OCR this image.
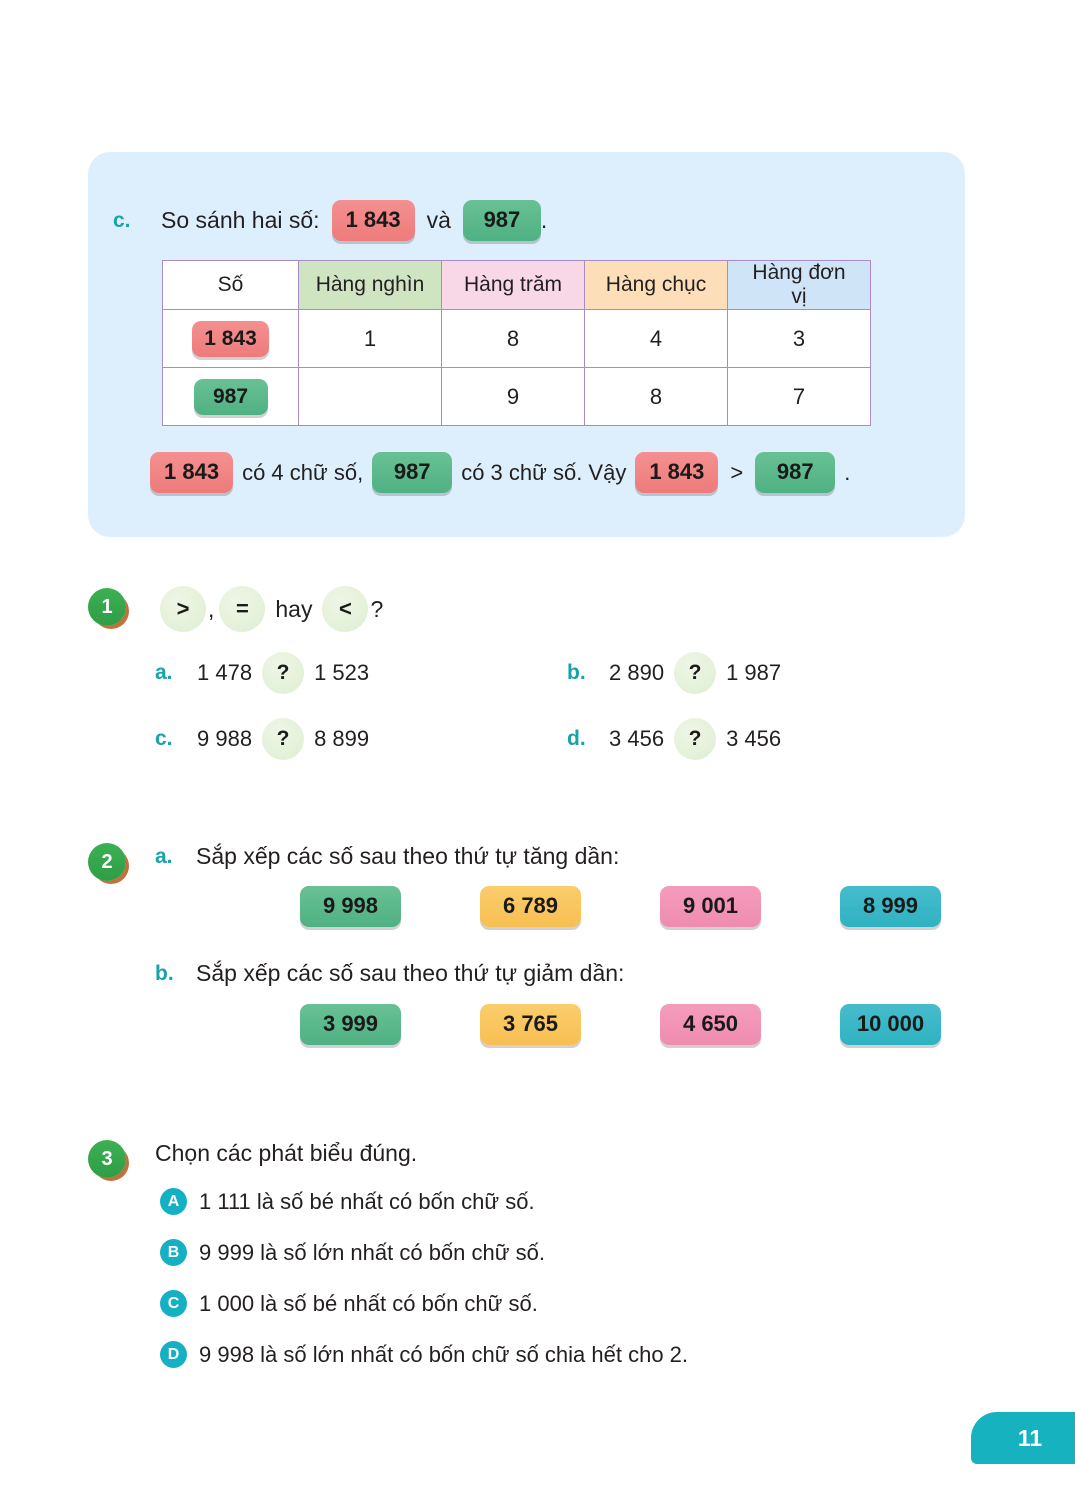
c.	So sánh hai số:	1 843	và	987 .
Số	Hàng nghìn	Hàng trăm	Hàng chục	Hàng đơn vị
1 843	1	8	4	3
987		9	8	7
1 843	có 4 chữ số,	987	có 3 chữ số. Vậy	1 843	>	987	.
1	> , =	hay	< ?
a.	1 478	?	1 523	b.	2 890	?	1 987
c.	9 988	?	8 899	d.	3 456	?	3 456
2	a. Sắp xếp các số sau theo thứ tự tăng dần:
9 998	6 789	9 001	8 999
b. Sắp xếp các số sau theo thứ tự giảm dần:
3 999	3 765	4 650	10 000
3	Chọn các phát biểu đúng.
A 1 111 là số bé nhất có bốn chữ số.
B 9 999 là số lớn nhất có bốn chữ số.
C 1 000 là số bé nhất có bốn chữ số.
D 9 998 là số lớn nhất có bốn chữ số chia hết cho 2.
11
